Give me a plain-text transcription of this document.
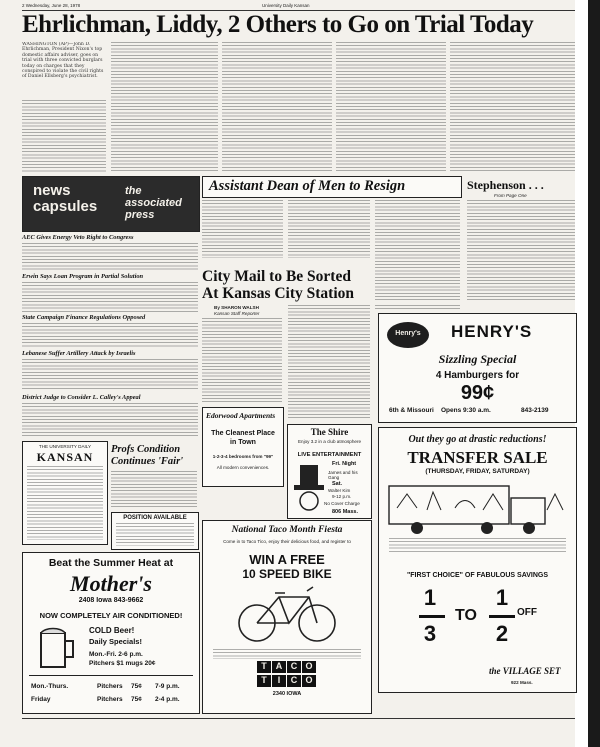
2 Wednesday, June 28, 1978	University Daily Kansan
Ehrlichman, Liddy, 2 Others to Go on Trial Today
WASHINGTON (AP)—John D. Ehrlichman, President Nixon's top domestic affairs adviser, goes on trial with three convicted burglars today on charges that they conspired to violate the civil rights of Daniel Ellsberg's psychiatrist.
news capsules
the associated press
AEC Gives Energy Veto Right to Congress
Erwin Says Loan Program in Partial Solution
State Campaign Finance Regulations Opposed
Lebanese Suffer Artillery Attack by Israelis
District Judge to Consider L. Calley's Appeal
Assistant Dean of Men to Resign	Stephenson . . .
From Page One
City Mail to Be Sorted
At Kansas City Station
By SHARON WALSH
Kansan Staff Reporter
Henry's	HENRY'S
Sizzling Special
4 Hamburgers for
99¢
6th & Missouri Opens 9:30 a.m.	843-2139
Edorwood Apartments
The Cleanest Place
in Town
1-2-3-4 bedrooms from "99"
All modern conveniences.
The Shire
Enjoy 3.2 in a club atmosphere
LIVE ENTERTAINMENT
Fri. Night
James and his Gang
Sat.
Walter Kim
9-12 p.m.
No Cover Charge
806 Mass.
THE UNIVERSITY DAILY
KANSAN
Profs Condition
Continues 'Fair'
POSITION AVAILABLE
Out they go at drastic reductions!
TRANSFER SALE
(THURSDAY, FRIDAY, SATURDAY)
"FIRST CHOICE" OF FABULOUS SAVINGS
1
3
TO
1
2
OFF
the VILLAGE SET
922 Mass.
Beat the Summer Heat at
Mother's
2408 Iowa 843-9662
NOW COMPLETELY AIR CONDITIONED!
COLD Beer!
Daily Specials!
Mon.-Fri. 2-6 p.m.
Pitchers $1 mugs 20¢
Mon.-Thurs.	Pitchers 75¢ 7-9 p.m.
Friday	Pitchers 75¢ 2-4 p.m.
National Taco Month Fiesta
Come in to Taco Tico, enjoy their delicious food, and register to
WIN A FREE
10 SPEED BIKE
T	A C O
T	I	C O
2340 IOWA
